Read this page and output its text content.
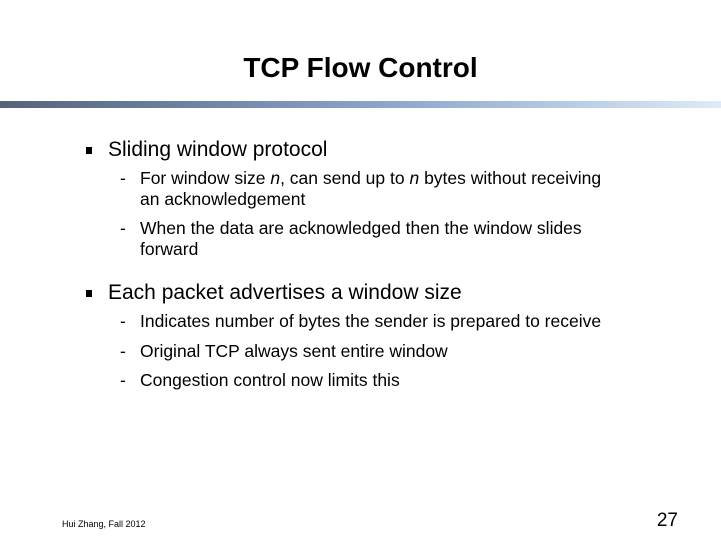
TCP Flow Control
Sliding window protocol
- For window size n, can send up to n bytes without receiving an acknowledgement
- When the data are acknowledged then the window slides forward
Each packet advertises a window size
- Indicates number of bytes the sender is prepared to receive
- Original TCP always sent entire window
- Congestion control now limits this
Hui Zhang, Fall 2012	27
